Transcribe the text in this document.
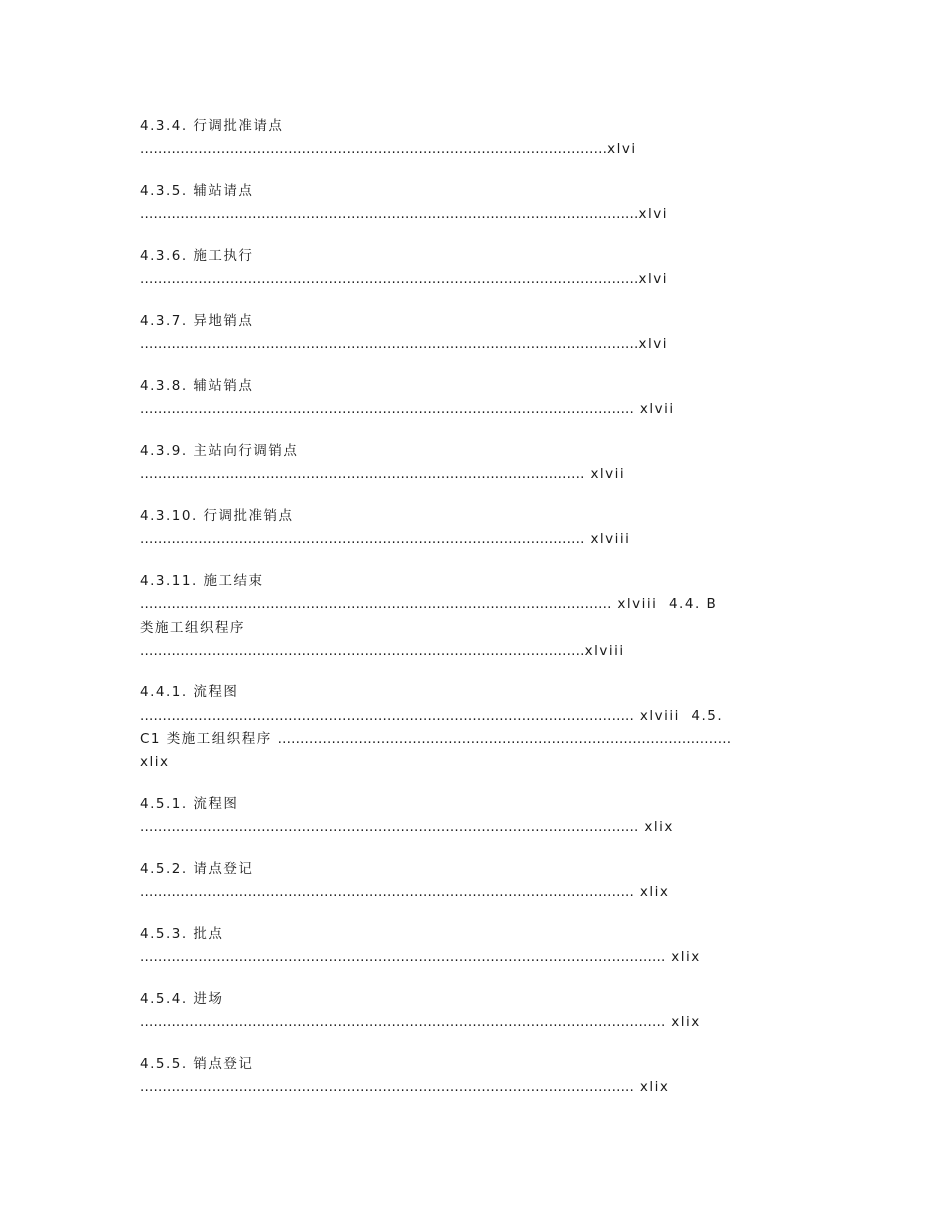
4.3.4. 行调批准请点
........................................................................................................xlvi
4.3.5. 辅站请点
...............................................................................................................xlvi
4.3.6. 施工执行
...............................................................................................................xlvi
4.3.7. 异地销点
...............................................................................................................xlvi
4.3.8. 辅站销点
.............................................................................................................. xlvii
4.3.9. 主站向行调销点
................................................................................................... xlvii
4.3.10. 行调批准销点
................................................................................................... xlviii
4.3.11. 施工结束
......................................................................................................... xlviii 4.4. B
类施工组织程序
...................................................................................................xlviii
4.4.1. 流程图
.............................................................................................................. xlviii 4.5.
C1 类施工组织程序 .....................................................................................................
xlix
4.5.1. 流程图
............................................................................................................... xlix
4.5.2. 请点登记
.............................................................................................................. xlix
4.5.3. 批点
..................................................................................................................... xlix
4.5.4. 进场
..................................................................................................................... xlix
4.5.5. 销点登记
.............................................................................................................. xlix
